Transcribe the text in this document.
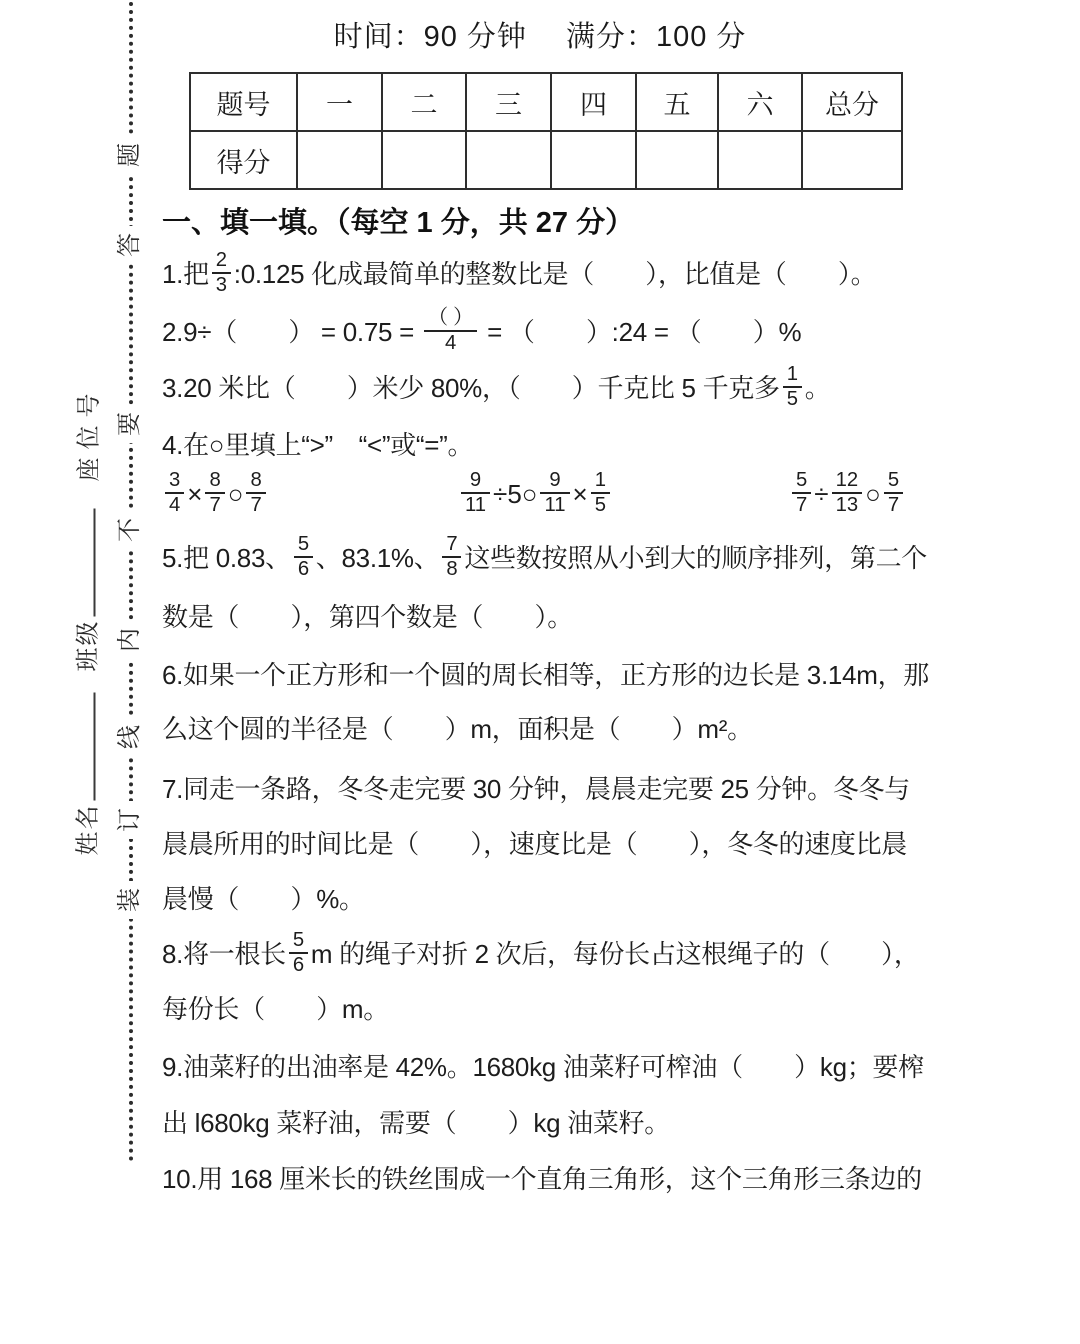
题
答
要
不
内
线
订
装
座位号
班级
姓名
时间：90 分钟　 满分：100 分
题号	一	二	三	四	五	六	总分
得分							
一、填一填。（每空 1 分，共 27 分）
1.把 $\frac{2}{3}$ :0.125 化成最简单的整数比是（　　），比值是（　　）。
2.9÷（　　） = $0.75 = \frac{( )}{4}$ = （　　）:24 = （　　）%
3.20 米比（　　）米少 80%，（　　）千克比 5 千克多 $\frac{1}{5}$ 。
4.在○里填上“>”　“<”或“=”。
$\frac{3}{4} \times \frac{8}{7}$ ○ $\frac{8}{7}$	$\frac{9}{11}$ ÷5○ $\frac{9}{11} \times \frac{1}{5}$	$\frac{5}{7} \div \frac{12}{13}$ ○ $\frac{5}{7}$
5.把 0.83、 $\frac{5}{6}$ 、83.1%、 $\frac{7}{8}$ 这些数按照从小到大的顺序排列，第二个
数是（　　），第四个数是（　　）。
6.如果一个正方形和一个圆的周长相等，正方形的边长是 3.14m，那
么这个圆的半径是（　　）m，面积是（　　）m²。
7.同走一条路，冬冬走完要 30 分钟，晨晨走完要 25 分钟。冬冬与
晨晨所用的时间比是（　　），速度比是（　　），冬冬的速度比晨
晨慢（　　）%。
8.将一根长 $\frac{5}{6}$ m 的绳子对折 2 次后，每份长占这根绳子的（　　），
每份长（　　）m。
9.油菜籽的出油率是 42%。1680kg 油菜籽可榨油（　　）kg；要榨
出 l680kg 菜籽油，需要（　　）kg 油菜籽。
10.用 168 厘米长的铁丝围成一个直角三角形，这个三角形三条边的
